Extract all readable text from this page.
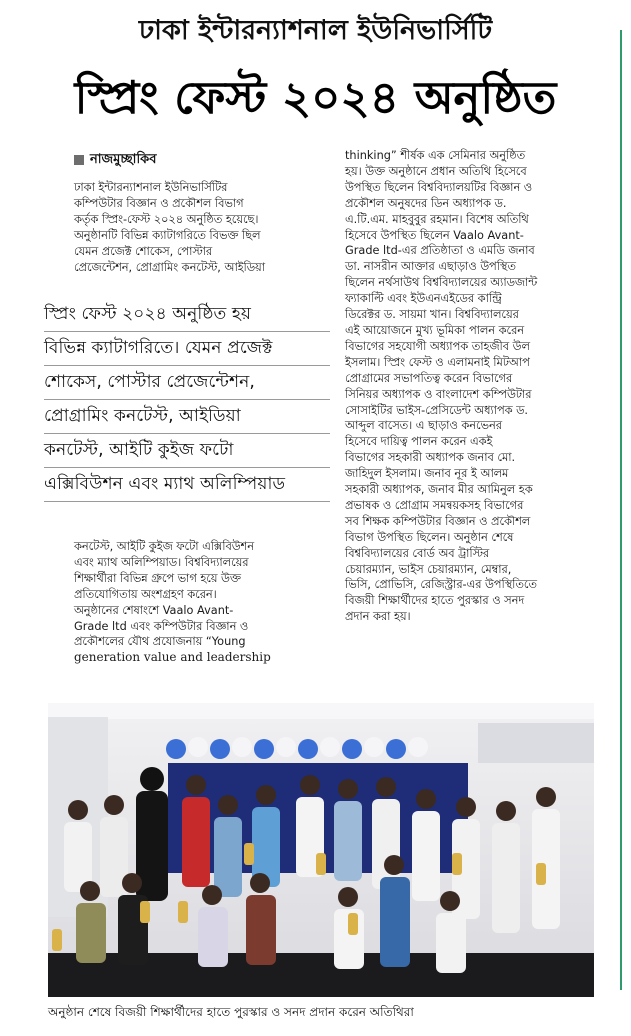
ঢাকা ইন্টারন্যাশনাল ইউনিভার্সিটি
স্প্রিং ফেস্ট ২০২৪ অনুষ্ঠিত
নাজমুচ্ছাকিব
ঢাকা ইন্টারন্যাশনাল ইউনিভার্সিটির
কম্পিউটার বিজ্ঞান ও প্রকৌশল বিভাগ
কর্তৃক স্প্রিং-ফেস্ট ২০২৪ অনুষ্ঠিত হয়েছে।
অনুষ্ঠানটি বিভিন্ন ক্যাটাগরিতে বিভক্ত ছিল
যেমন প্রজেক্ট শোকেস, পোস্টার
প্রেজেন্টেশন, প্রোগ্রামিং কনটেস্ট, আইডিয়া
স্প্রিং ফেস্ট ২০২৪ অনুষ্ঠিত হয়
বিভিন্ন ক্যাটাগরিতে। যেমন প্রজেক্ট
শোকেস, পোস্টার প্রেজেন্টেশন,
প্রোগ্রামিং কনটেস্ট, আইডিয়া
কনটেস্ট, আইটি কুইজ ফটো
এক্সিবিউশন এবং ম্যাথ অলিম্পিয়াড
কনটেস্ট, আইটি কুইজ ফটো এক্সিবিউশন
এবং ম্যাথ অলিম্পিয়াড। বিশ্ববিদ্যালয়ের
শিক্ষার্থীরা বিভিন্ন গ্রুপে ভাগ হয়ে উক্ত
প্রতিযোগিতায় অংশগ্রহণ করেন।
অনুষ্ঠানের শেষাংশে Vaalo Avant-
Grade ltd এবং কম্পিউটার বিজ্ঞান ও
প্রকৌশলের যৌথ প্রযোজনায় “Young
generation value and leadership
thinking” শীর্ষক এক সেমিনার অনুষ্ঠিত
হয়। উক্ত অনুষ্ঠানে প্রধান অতিথি হিসেবে
উপস্থিত ছিলেন বিশ্ববিদ্যালয়টির বিজ্ঞান ও
প্রকৌশল অনুষদের ডিন অধ্যাপক ড.
এ.টি.এম. মাহবুবুর রহমান। বিশেষ অতিথি
হিসেবে উপস্থিত ছিলেন Vaalo Avant-
Grade ltd-এর প্রতিষ্ঠাতা ও এমডি জনাব
ডা. নাসরীন আক্তার এছাড়াও উপস্থিত
ছিলেন নর্থসাউথ বিশ্ববিদ্যালয়ের অ্যাডজান্ট
ফ্যাকাল্টি এবং ইউএনএইডের কান্ট্রি
ডিরেক্টর ড. সায়মা খান। বিশ্ববিদ্যালয়ের
এই আয়োজনে মুখ্য ভূমিকা পালন করেন
বিভাগের সহযোগী অধ্যাপক তাহজীব উল
ইসলাম। স্প্রিং ফেস্ট ও এলামনাই মিটআপ
প্রোগ্রামের সভাপতিত্ব করেন বিভাগের
সিনিয়র অধ্যাপক ও বাংলাদেশ কম্পিউটার
সোসাইটির ভাইস-প্রেসিডেন্ট অধ্যাপক ড.
আব্দুল বাসেত। এ ছাড়াও কনভেনর
হিসেবে দায়িত্ব পালন করেন একই
বিভাগের সহকারী অধ্যাপক জনাব মো.
জাহিদুল ইসলাম। জনাব নূর ই আলম
সহকারী অধ্যাপক, জনাব মীর আমিনুল হক
প্রভাষক ও প্রোগ্রাম সমন্বয়কসহ বিভাগের
সব শিক্ষক কম্পিউটার বিজ্ঞান ও প্রকৌশল
বিভাগ উপস্থিত ছিলেন। অনুষ্ঠান শেষে
বিশ্ববিদ্যালয়ের বোর্ড অব ট্রাস্টির
চেয়ারম্যান, ভাইস চেয়ারম্যান, মেম্বার,
ভিসি, প্রোভিসি, রেজিস্ট্রার-এর উপস্থিতিতে
বিজয়ী শিক্ষার্থীদের হাতে পুরস্কার ও সনদ
প্রদান করা হয়।
অনুষ্ঠান শেষে বিজয়ী শিক্ষার্থীদের হাতে পুরস্কার ও সনদ প্রদান করেন অতিথিরা
